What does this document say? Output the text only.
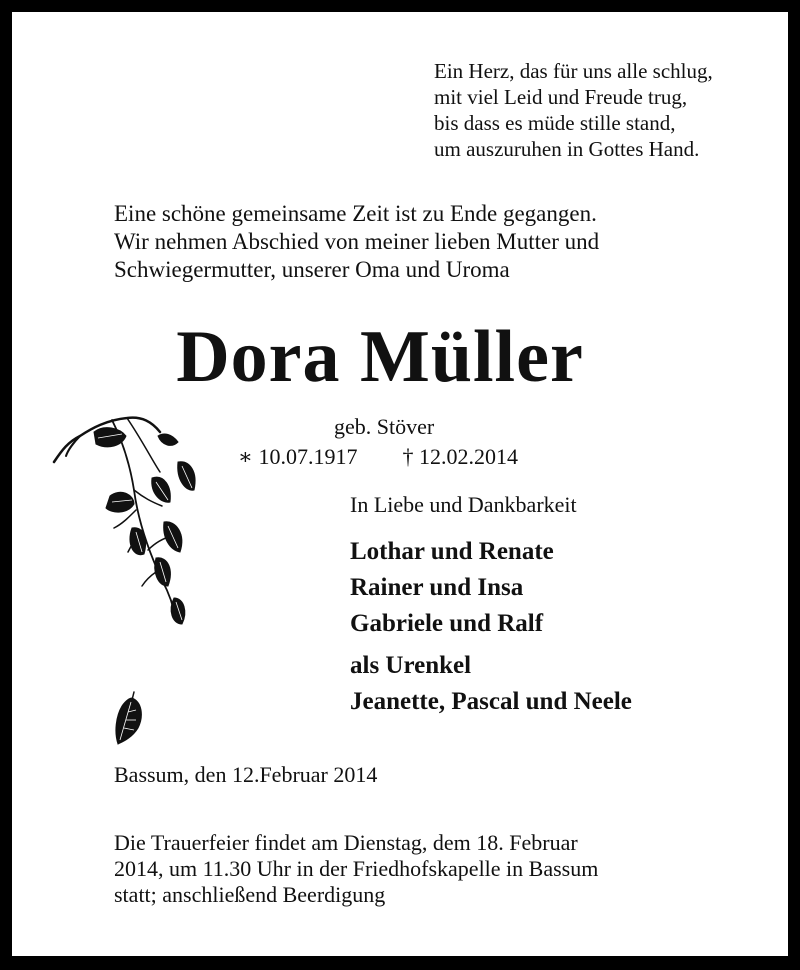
Ein Herz, das für uns alle schlug,
mit viel Leid und Freude trug,
bis dass es müde stille stand,
um auszuruhen in Gottes Hand.
Eine schöne gemeinsame Zeit ist zu Ende gegangen.
Wir nehmen Abschied von meiner lieben Mutter und
Schwiegermutter, unserer Oma und Uroma
Dora Müller
geb. Stöver
∗ 10.07.1917 † 12.02.2014
In Liebe und Dankbarkeit
Lothar und Renate
Rainer und Insa
Gabriele und Ralf
als Urenkel
Jeanette, Pascal und Neele
Bassum, den 12.Februar 2014
Die Trauerfeier findet am Dienstag, dem 18. Februar
2014, um 11.30 Uhr in der Friedhofskapelle in Bassum
statt; anschließend Beerdigung
